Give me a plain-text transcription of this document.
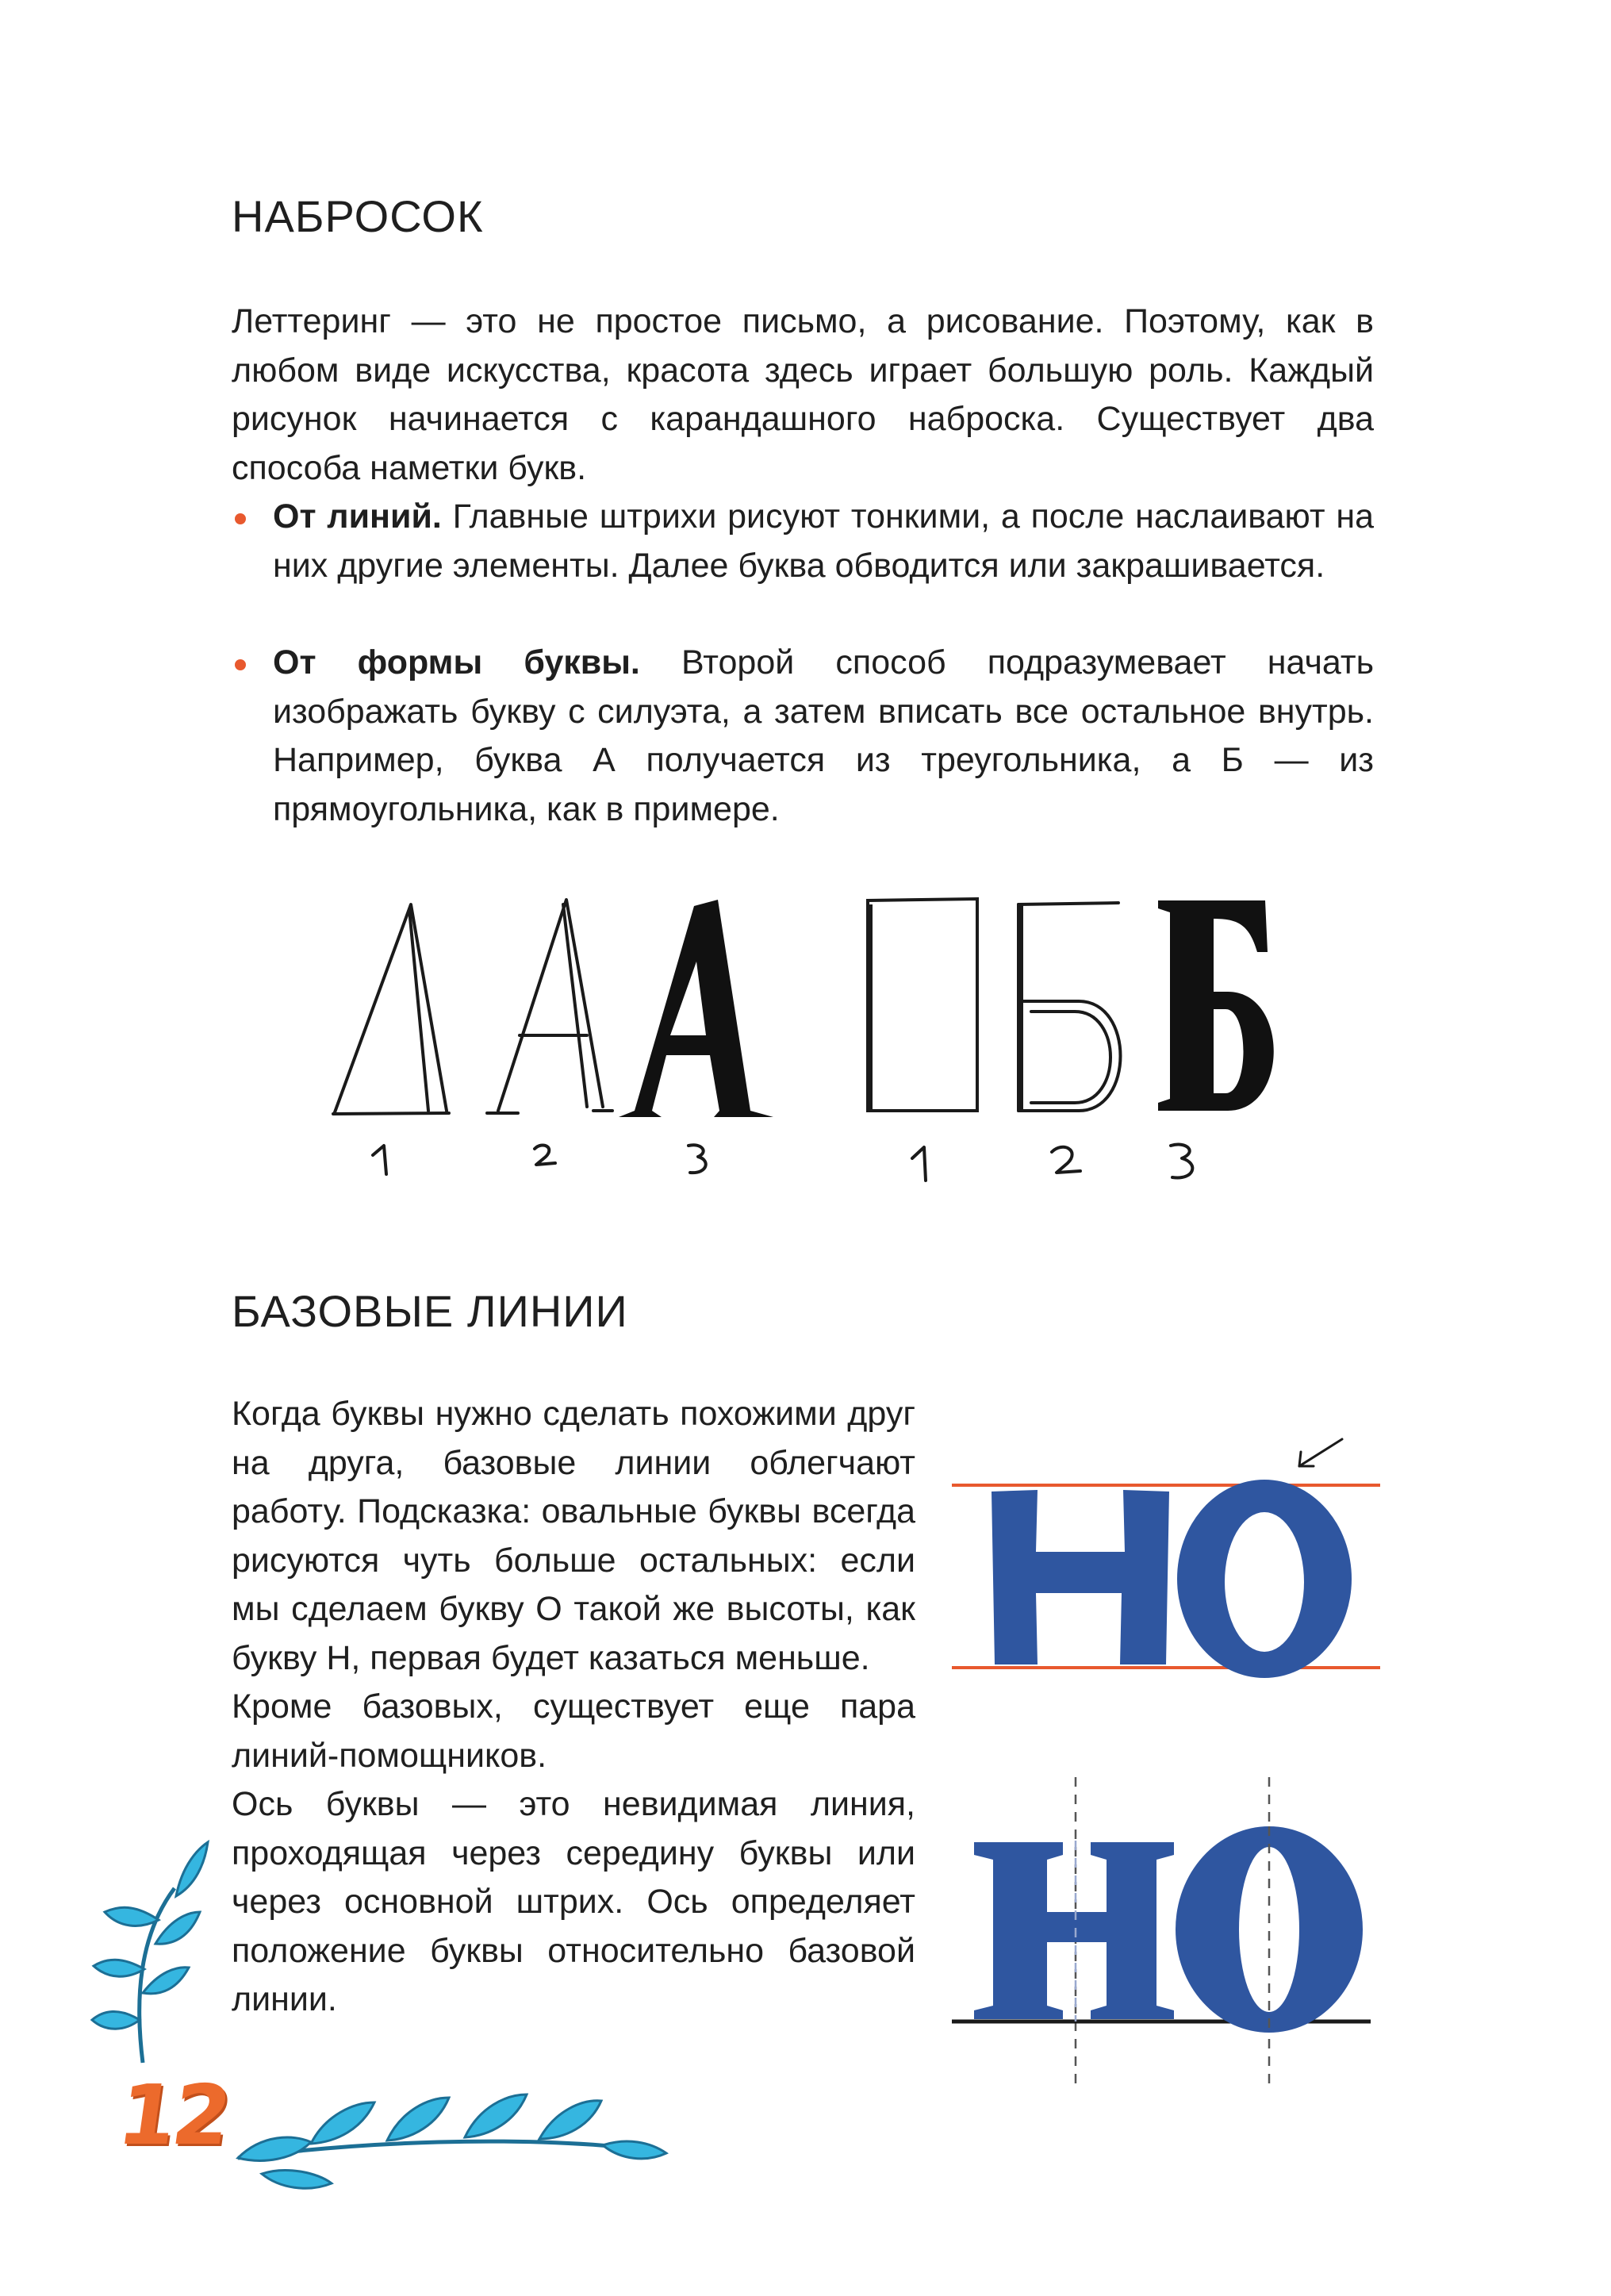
НАБРОСОК

Леттеринг — это не простое письмо, а рисование. Поэтому, как в любом виде искусства, красота здесь играет большую роль. Каждый рисунок начинается с карандашного наброска. Существует два способа наметки букв.

От линий. Главные штрихи рисуют тонкими, а после наслаивают на них другие элементы. Далее буква обводится или закрашивается.
От формы буквы. Второй способ подразумевает начать изображать букву с силуэта, а затем вписать все остальное внутрь. Например, буква А получается из треугольника, а Б — из прямоугольника, как в примере.
БАЗОВЫЕ ЛИНИИ

Когда буквы нужно сделать похожими друг на друга, базовые линии облегчают работу. Подсказка: овальные буквы всегда рисуются чуть больше остальных: если мы сделаем букву О такой же высоты, как букву Н, первая будет казаться меньше.

Кроме базовых, существует еще пара линий-помощников.

Ось буквы — это невидимая линия, проходящая через середину буквы или через основной штрих. Ось определяет положение буквы относительно базовой линии.

12
